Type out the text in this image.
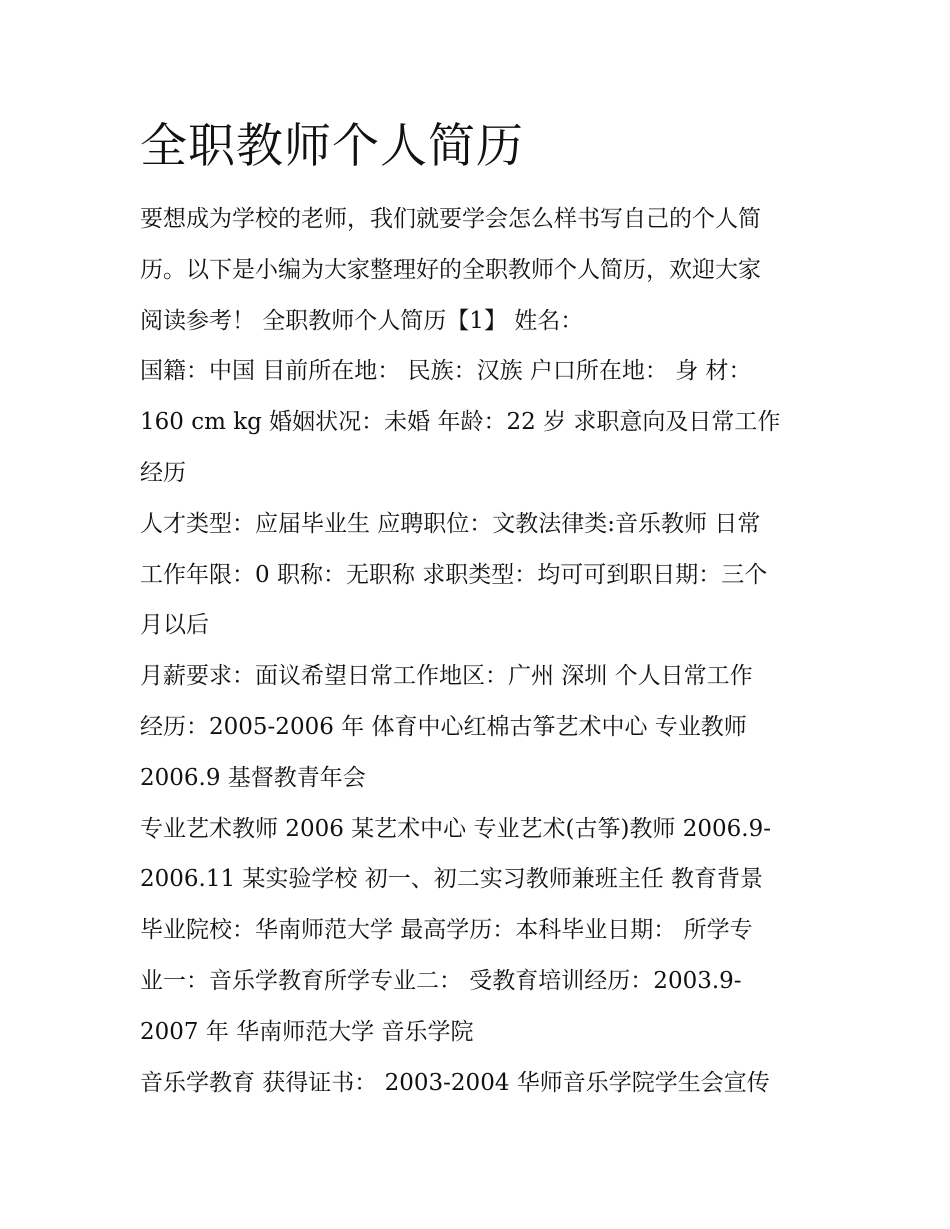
全职教师个人简历

要想成为学校的老师，我们就要学会怎么样书写自己的个人简

历。以下是小编为大家整理好的全职教师个人简历，欢迎大家

阅读参考！ 全职教师个人简历【1】 姓名：

国籍：中国 目前所在地： 民族：汉族 户口所在地： 身 材：

160 cm kg 婚姻状况：未婚 年龄：22 岁 求职意向及日常工作

经历

人才类型：应届毕业生 应聘职位：文教法律类:音乐教师 日常

工作年限：0 职称：无职称 求职类型：均可可到职日期：三个

月以后

月薪要求：面议希望日常工作地区：广州 深圳 个人日常工作

经历：2005-2006 年 体育中心红棉古筝艺术中心 专业教师

2006.9 基督教青年会

专业艺术教师 2006 某艺术中心 专业艺术(古筝)教师 2006.9-

2006.11 某实验学校 初一、初二实习教师兼班主任 教育背景

毕业院校：华南师范大学 最高学历：本科毕业日期： 所学专

业一：音乐学教育所学专业二： 受教育培训经历：2003.9-

2007 年 华南师范大学 音乐学院

音乐学教育 获得证书： 2003-2004 华师音乐学院学生会宣传
